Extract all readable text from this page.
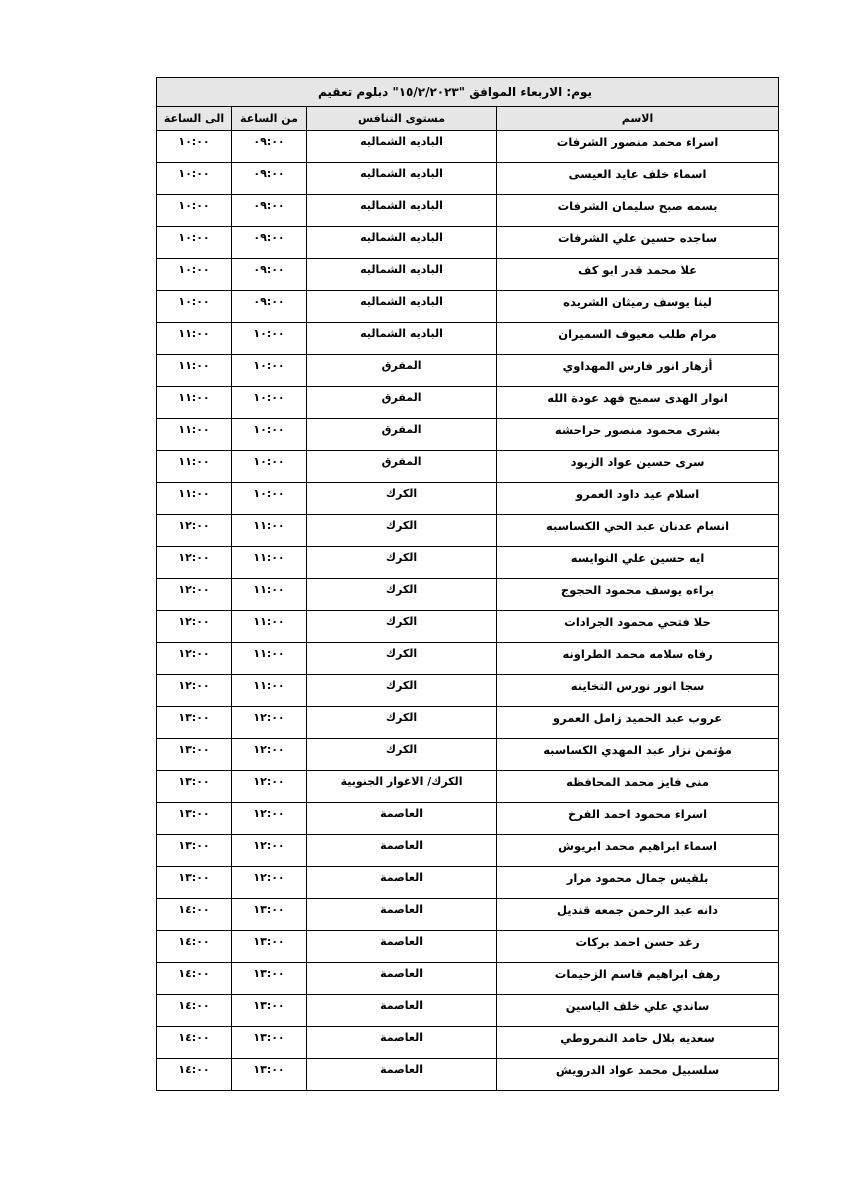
يوم: الاربعاء الموافق "١٥/٢/٢٠٢٣" دبلوم تعقيم			
الاسم	مستوى التنافس	من الساعة	الى الساعة
اسراء محمد منصور الشرفات	الباديه الشماليه	٠٩:٠٠	١٠:٠٠
اسماء خلف عايد العيسى	الباديه الشماليه	٠٩:٠٠	١٠:٠٠
بسمه صبح سليمان الشرفات	الباديه الشماليه	٠٩:٠٠	١٠:٠٠
ساجده حسين علي الشرفات	الباديه الشماليه	٠٩:٠٠	١٠:٠٠
علا محمد قدر ابو كف	الباديه الشماليه	٠٩:٠٠	١٠:٠٠
لينا يوسف رميثان الشريده	الباديه الشماليه	٠٩:٠٠	١٠:٠٠
مرام طلب معيوف السميران	الباديه الشماليه	١٠:٠٠	١١:٠٠
أزهار انور فارس المهداوي	المفرق	١٠:٠٠	١١:٠٠
انوار الهدى سميح فهد عودة الله	المفرق	١٠:٠٠	١١:٠٠
بشرى محمود منصور حراحشه	المفرق	١٠:٠٠	١١:٠٠
سرى حسين عواد الزيود	المفرق	١٠:٠٠	١١:٠٠
اسلام عيد داود العمرو	الكرك	١٠:٠٠	١١:٠٠
انسام عدنان عبد الحي الكساسبه	الكرك	١١:٠٠	١٢:٠٠
ايه حسين علي النوايسه	الكرك	١١:٠٠	١٢:٠٠
براءه يوسف محمود الحجوج	الكرك	١١:٠٠	١٢:٠٠
حلا فتحي محمود الجرادات	الكرك	١١:٠٠	١٢:٠٠
رفاه سلامه محمد الطراونه	الكرك	١١:٠٠	١٢:٠٠
سجا انور نورس التخاينه	الكرك	١١:٠٠	١٢:٠٠
عروب عبد الحميد زامل العمرو	الكرك	١٢:٠٠	١٣:٠٠
مؤتمن نزار عبد المهدي الكساسبه	الكرك	١٢:٠٠	١٣:٠٠
منى فايز محمد المحافظه	الكرك/ الاغوار الجنوبية	١٢:٠٠	١٣:٠٠
اسراء محمود احمد الفرخ	العاصمة	١٢:٠٠	١٣:٠٠
اسماء ابراهيم محمد ابريوش	العاصمة	١٢:٠٠	١٣:٠٠
بلقيس جمال محمود مرار	العاصمة	١٢:٠٠	١٣:٠٠
دانه عبد الرحمن جمعه قنديل	العاصمة	١٣:٠٠	١٤:٠٠
رغد حسن احمد بركات	العاصمة	١٣:٠٠	١٤:٠٠
رهف ابراهيم قاسم الزحيمات	العاصمة	١٣:٠٠	١٤:٠٠
ساندي علي خلف الياسين	العاصمة	١٣:٠٠	١٤:٠٠
سعديه بلال حامد النمروطي	العاصمة	١٣:٠٠	١٤:٠٠
سلسبيل محمد عواد الدرويش	العاصمة	١٣:٠٠	١٤:٠٠
